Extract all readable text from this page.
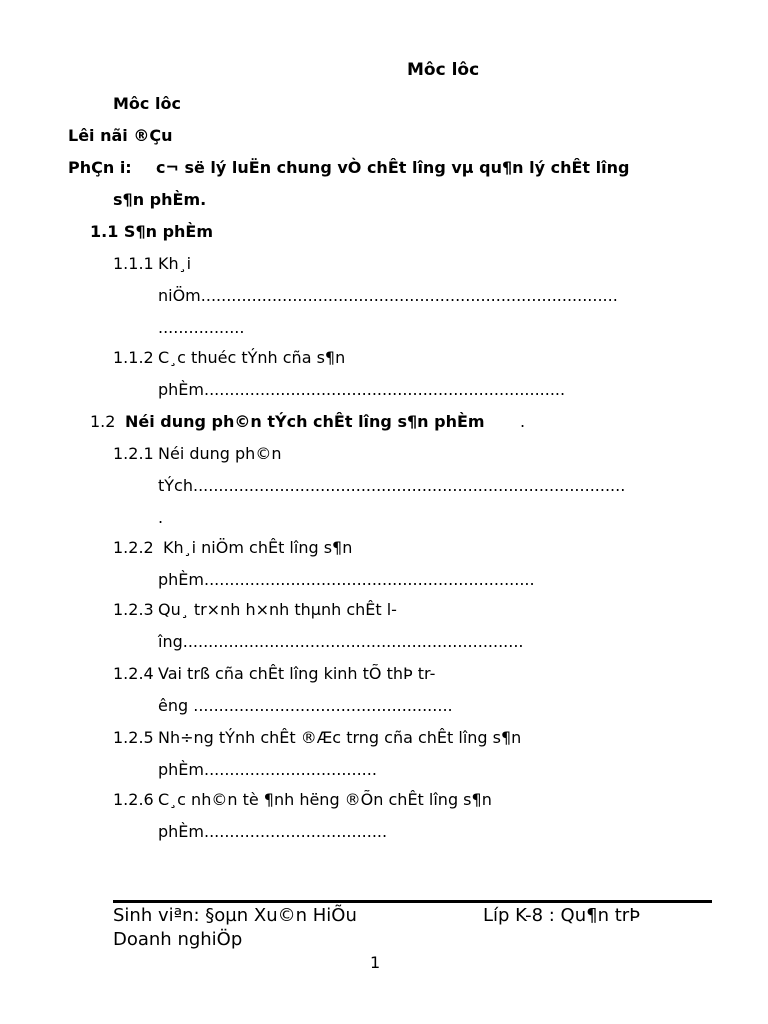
Môc lôc
Môc lôc
Lêi nãi ®Çu
PhÇn i: c¬ së lý luËn chung vÒ chÊt lîng vµ qu¶n lý chÊt lîng
s¶n phÈm.
1.1 S¶n phÈm
1.1.1 Kh¸i
niÖm..................................................................................
.................
1.1.2 C¸c thuéc tÝnh cña s¶n
phÈm.......................................................................
1.2 Néi dung ph©n tÝch chÊt lîng s¶n phÈm .
1.2.1 Néi dung ph©n
tÝch.....................................................................................
.
1.2.2 Kh¸i niÖm chÊt lîng s¶n
phÈm.................................................................
1.2.3 Qu¸ tr×nh h×nh thµnh chÊt l-
îng...................................................................
1.2.4 Vai trß cña chÊt lîng kinh tÕ thÞ tr-
êng ...................................................
1.2.5 Nh÷ng tÝnh chÊt ®Æc trng cña chÊt lîng s¶n
phÈm..................................
1.2.6 C¸c nh©n tè ¶nh hëng ®Õn chÊt lîng s¶n
phÈm....................................
Sinh viªn: §oµn Xu©n HiÕu	Líp K-8 : Qu¶n trÞ
Doanh nghiÖp
1
